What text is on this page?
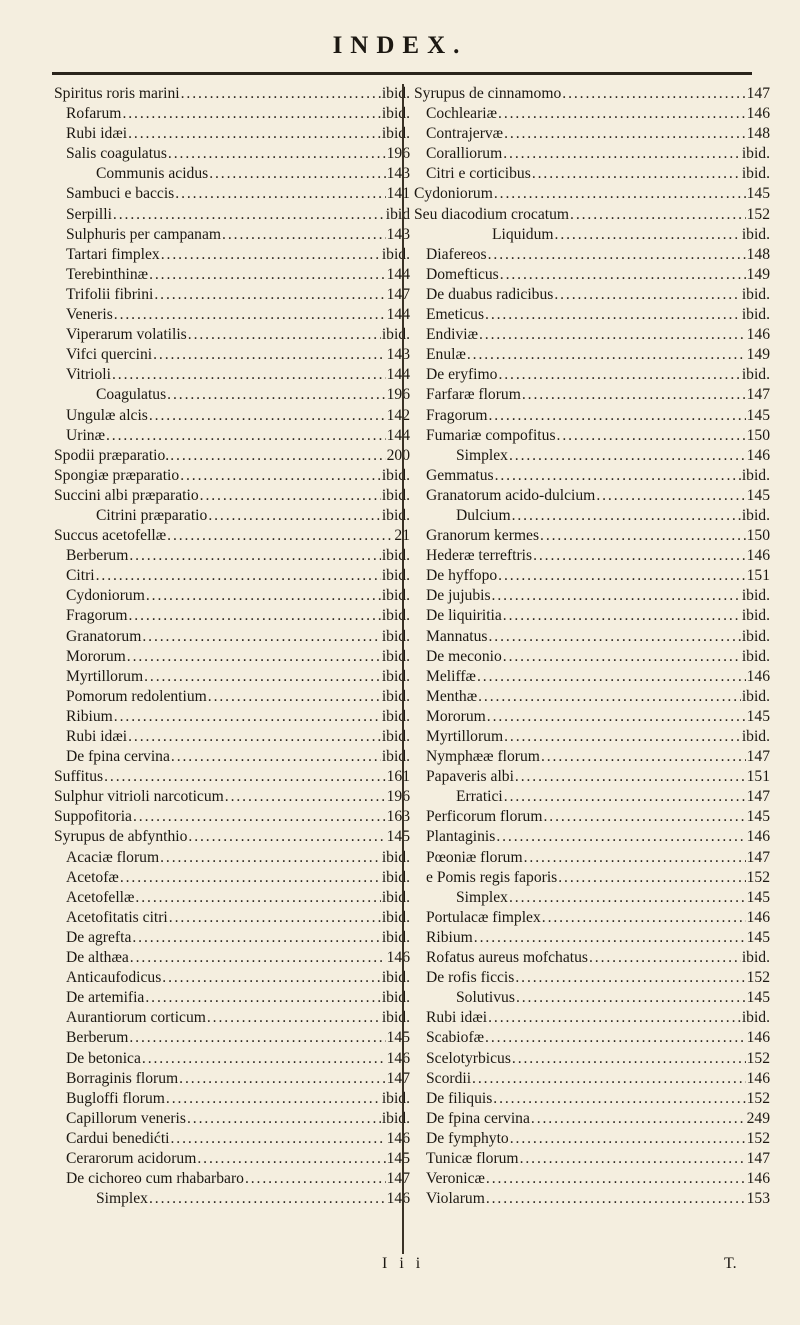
INDEX.
Spiritus roris marini . . .	ibid.
Rofarum . . .	ibid.
Rubi idæi . . .	ibid.
Salis coagulatus . . .	196
Communis acidus . . .	143
Sambuci e baccis . . .	141
Serpilli . . .	ibid
Sulphuris per campanam . . .	143
Tartari fimplex . . .	ibid.
Terebinthinæ . . .	144
Trifolii fibrini . . .	147
Veneris . . .	144
Viperarum volatilis . . .	ibid.
Vifci quercini . . .	143
Vitrioli . . .	144
Coagulatus . . .	196
Ungulæ alcis . . .	142
Urinæ . . .	144
Spodii præparatio. . . .	200
Spongiæ præparatio . . .	ibid.
Succini albi præparatio . . .	ibid.
Citrini præparatio . . .	ibid.
Succus acetofellæ . . .	21
Berberum . . .	ibid.
Citri . . .	ibid.
Cydoniorum . . .	ibid.
Fragorum . . .	ibid.
Granatorum . . .	ibid.
Mororum . . .	ibid.
Myrtillorum . . .	ibid.
Pomorum redolentium . . .	ibid.
Ribium . . .	ibid.
Rubi idæi . . .	ibid.
De fpina cervina . . .	ibid.
Suffitus . . .	161
Sulphur vitrioli narcoticum . . .	196
Suppofitoria . . .	163
Syrupus de abfynthio . . .	145
Acaciæ florum . . .	ibid.
Acetofæ . . .	ibid.
Acetofellæ . . .	ibid.
Acetofitatis citri . . .	ibid.
De agrefta . . .	ibid.
De althæa . . .	146
Anticaufodicus . . .	ibid.
De artemifia . . .	ibid.
Aurantiorum corticum . . .	ibid.
Berberum . . .	145
De betonica . . .	146
Borraginis florum . . .	147
Bugloffi florum . . .	ibid.
Capillorum veneris . . .	ibid.
Cardui benedićti . . .	146
Cerarorum acidorum . . .	145
De cichoreo cum rhabarbaro . . .	147
Simplex . . .	146
Syrupus de cinnamomo . . .	147
Cochleariæ . . .	146
Contrajervæ . . .	148
Coralliorum . . .	ibid.
Citri e corticibus . . .	ibid.
Cydoniorum . . .	145
Seu diacodium crocatum . . .	152
Liquidum . . .	ibid.
Diafereos . . .	148
Domefticus . . .	149
De duabus radicibus . . .	ibid.
Emeticus . . .	ibid.
Endiviæ . . .	146
Enulæ . . .	149
De eryfimo . . .	ibid.
Farfaræ florum . . .	147
Fragorum . . .	145
Fumariæ compofitus . . .	150
Simplex . . .	146
Gemmatus . . .	ibid.
Granatorum acido-dulcium . . .	145
Dulcium . . .	ibid.
Granorum kermes . . .	150
Hederæ terreftris . . .	146
De hyffopo . . .	151
De jujubis . . .	ibid.
De liquiritia . . .	ibid.
Mannatus . . .	ibid.
De meconio . . .	ibid.
Meliffæ . . .	146
Menthæ . . .	ibid.
Mororum . . .	145
Myrtillorum . . .	ibid.
Nymphææ florum . . .	147
Papaveris albi . . .	151
Erratici . . .	147
Perficorum florum . . .	145
Plantaginis . . .	146
Pœoniæ florum . . .	147
e Pomis regis faporis . . .	152
Simplex . . .	145
Portulacæ fimplex . . .	146
Ribium . . .	145
Rofatus aureus mofchatus . . .	ibid.
De rofis ficcis . . .	152
Solutivus . . .	145
Rubi idæi . . .	ibid.
Scabiofæ . . .	146
Scelotyrbicus . . .	152
Scordii . . .	146
De filiquis . . .	152
De fpina cervina . . .	249
De fymphyto . . .	152
Tunicæ florum . . .	147
Veronicæ . . .	146
Violarum . . .	153
I i i	T.
